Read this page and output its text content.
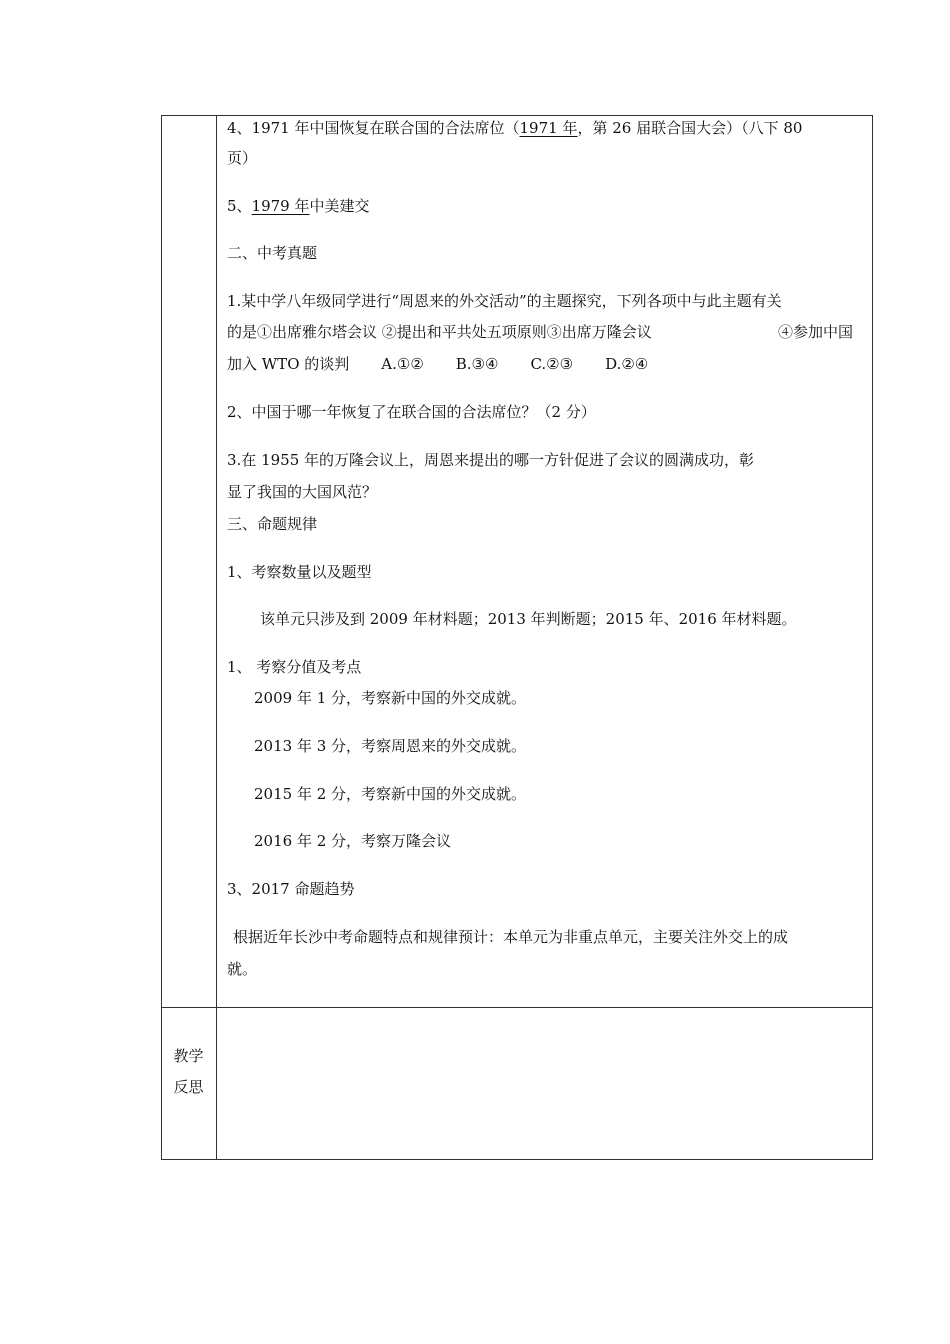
4、1971 年中国恢复在联合国的合法席位（1971 年，第 26 届联合国大会）（八下 80
页）
5、1979 年中美建交
二、中考真题
1.某中学八年级同学进行“周恩来的外交活动”的主题探究，下列各项中与此主题有关
的是①出席雅尔塔会议 ②提出和平共处五项原则③出席万隆会议	④参加中国
加入 WTO 的谈判 A.①② B.③④ C.②③ D.②④
2、中国于哪一年恢复了在联合国的合法席位？（2 分）
3.在 1955 年的万隆会议上，周恩来提出的哪一方针促进了会议的圆满成功，彰
显了我国的大国风范？
三、命题规律
1、考察数量以及题型
该单元只涉及到 2009 年材料题；2013 年判断题；2015 年、2016 年材料题。
1、 考察分值及考点
2009 年 1 分，考察新中国的外交成就。
2013 年 3 分，考察周恩来的外交成就。
2015 年 2 分，考察新中国的外交成就。
2016 年 2 分，考察万隆会议
3、2017 命题趋势
根据近年长沙中考命题特点和规律预计：本单元为非重点单元，主要关注外交上的成
就。
教学
反思
